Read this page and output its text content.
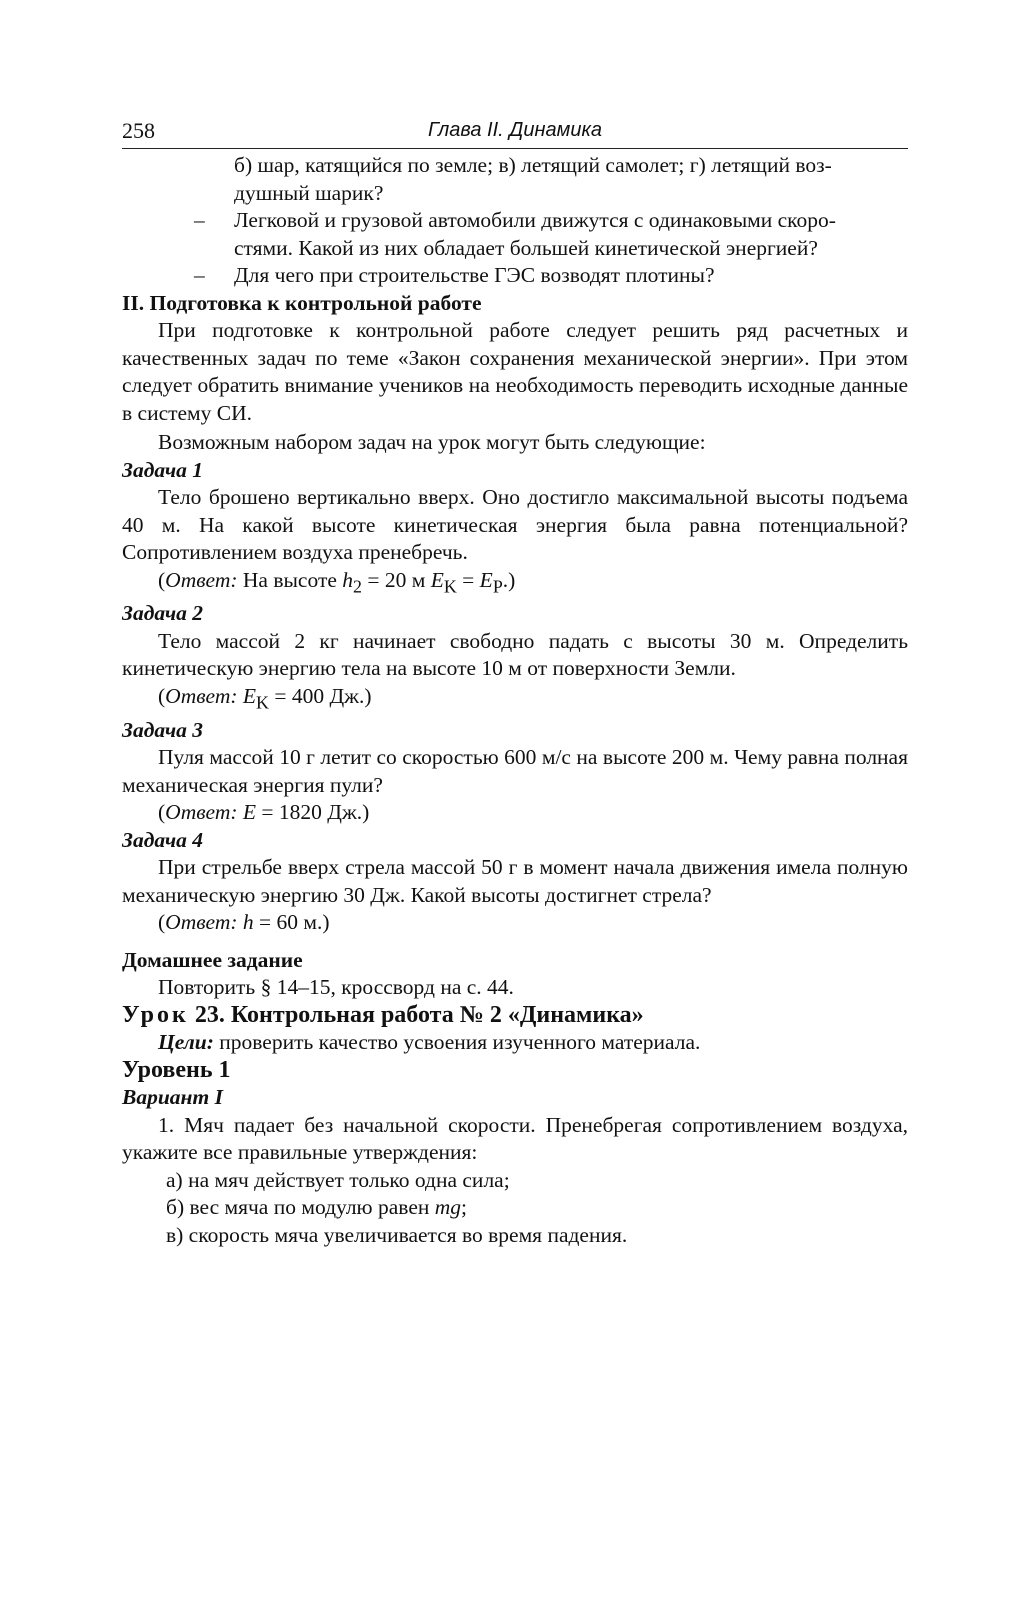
258	Глава II. Динамика

б) шар, катящийся по земле; в) летящий самолет; г) летящий воз-

душный шарик?

– Легковой и грузовой автомобили движутся с одинаковыми скоро-

стями. Какой из них обладает большей кинетической энергией?

– Для чего при строительстве ГЭС возводят плотины?

II. Подготовка к контрольной работе

При подготовке к контрольной работе следует решить ряд расчетных и качественных задач по теме «Закон сохранения механической энергии». При этом следует обратить внимание учеников на необходимость переводить исходные данные в систему СИ.

Возможным набором задач на урок могут быть следующие:

Задача 1

Тело брошено вертикально вверх. Оно достигло максимальной высоты подъема 40 м. На какой высоте кинетическая энергия была равна потенциальной? Сопротивлением воздуха пренебречь.

(Ответ: На высоте $h_2 = 20$ м $E_K = E_P$.)

Задача 2

Тело массой 2 кг начинает свободно падать с высоты 30 м. Определить кинетическую энергию тела на высоте 10 м от поверхности Земли.

(Ответ: $E_K = 400$ Дж.)

Задача 3

Пуля массой 10 г летит со скоростью 600 м/с на высоте 200 м. Чему равна полная механическая энергия пули?

(Ответ: E = 1820 Дж.)

Задача 4

При стрельбе вверх стрела массой 50 г в момент начала движения имела полную механическую энергию 30 Дж. Какой высоты достигнет стрела?

(Ответ: h = 60 м.)

Домашнее задание

Повторить § 14–15, кроссворд на с. 44.

Урок 23. Контрольная работа № 2 «Динамика»

Цели: проверить качество усвоения изученного материала.

Уровень 1

Вариант I

1. Мяч падает без начальной скорости. Пренебрегая сопротивлением воздуха, укажите все правильные утверждения:

а) на мяч действует только одна сила;

б) вес мяча по модулю равен mg;

в) скорость мяча увеличивается во время падения.
